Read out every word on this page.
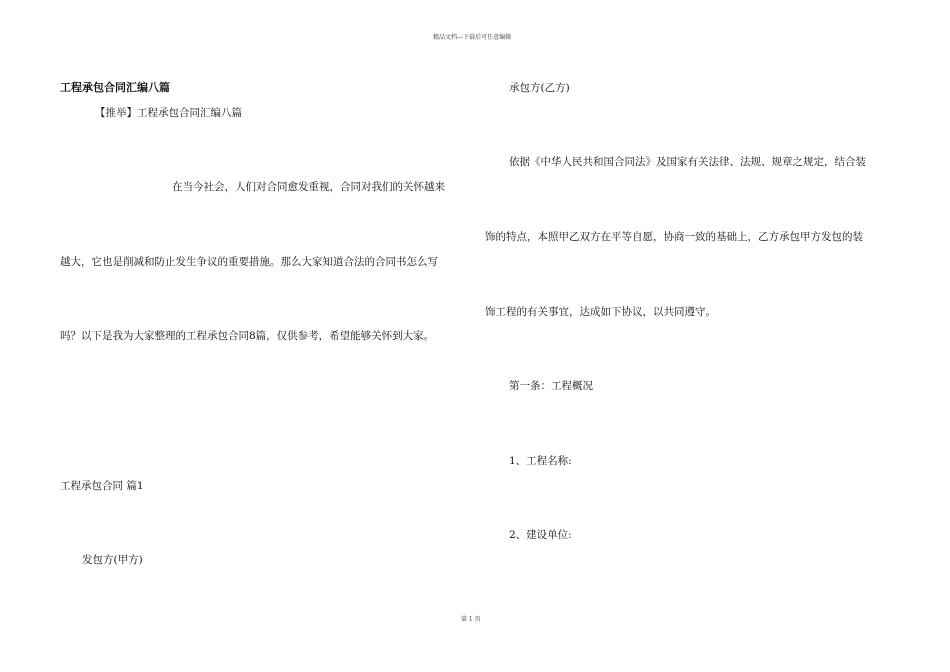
精品文档---下载后可任意编辑
工程承包合同汇编八篇
【推举】工程承包合同汇编八篇
在当今社会，人们对合同愈发重视，合同对我们的关怀越来
越大，它也是削减和防止发生争议的重要措施。那么大家知道合法的合同书怎么写
吗？以下是我为大家整理的工程承包合同8篇，仅供参考，希望能够关怀到大家。
工程承包合同 篇1
发包方(甲方)
承包方(乙方)
依据《中华人民共和国合同法》及国家有关法律、法规、规章之规定，结合装
饰的特点，本照甲乙双方在平等自愿，协商一致的基础上，乙方承包甲方发包的装
饰工程的有关事宜，达成如下协议，以共同遵守。
第一条：工程概况
1、工程名称:
2、建设单位:
第 1 页
